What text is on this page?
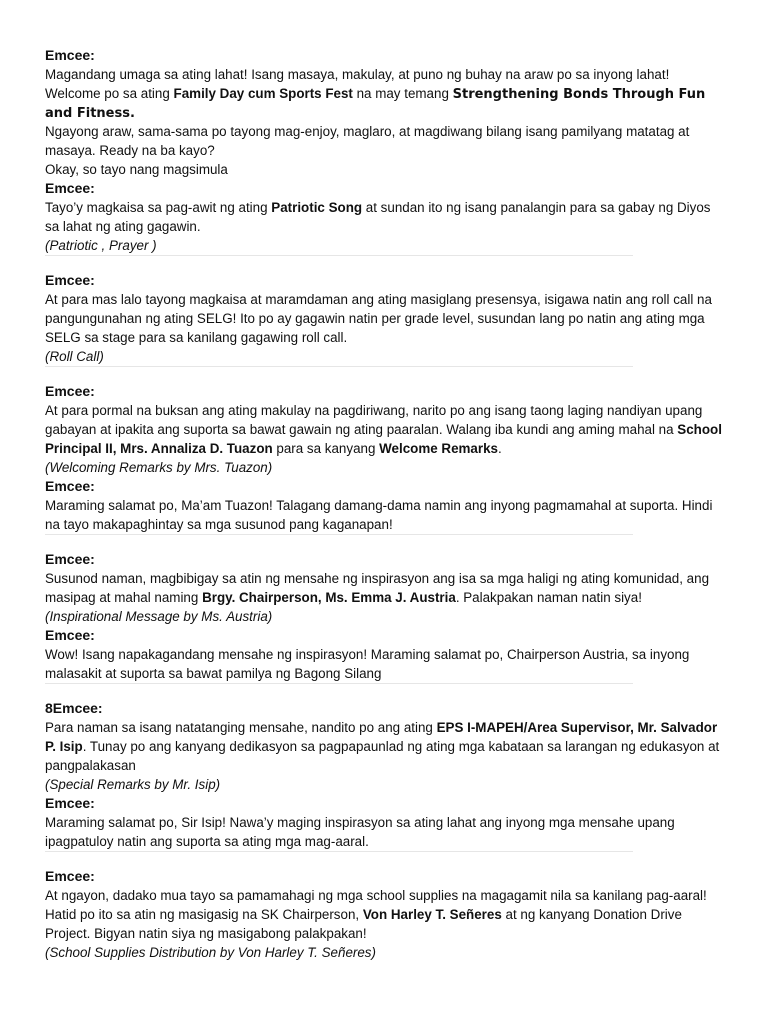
Emcee:

Magandang umaga sa ating lahat! Isang masaya, makulay, at puno ng buhay na araw po sa inyong lahat!

Welcome po sa ating Family Day cum Sports Fest na may temang Strengthening Bonds Through Fun and Fitness.

Ngayong araw, sama-sama po tayong mag-enjoy, maglaro, at magdiwang bilang isang pamilyang matatag at masaya. Ready na ba kayo?

Okay, so tayo nang magsimula

Emcee:

Tayo’y magkaisa sa pag-awit ng ating Patriotic Song at sundan ito ng isang panalangin para sa gabay ng Diyos sa lahat ng ating gagawin.

(Patriotic , Prayer )

Emcee:

At para mas lalo tayong magkaisa at maramdaman ang ating masiglang presensya, isigawa natin ang roll call na pangungunahan ng ating SELG! Ito po ay gagawin natin per grade level, susundan lang po natin ang ating mga SELG sa stage para sa kanilang gagawing roll call.

(Roll Call)

Emcee:

At para pormal na buksan ang ating makulay na pagdiriwang, narito po ang isang taong laging nandiyan upang gabayan at ipakita ang suporta sa bawat gawain ng ating paaralan. Walang iba kundi ang aming mahal na School Principal II, Mrs. Annaliza D. Tuazon para sa kanyang Welcome Remarks.

(Welcoming Remarks by Mrs. Tuazon)

Emcee:

Maraming salamat po, Ma’am Tuazon! Talagang damang-dama namin ang inyong pagmamahal at suporta. Hindi na tayo makapaghintay sa mga susunod pang kaganapan!

Emcee:

Susunod naman, magbibigay sa atin ng mensahe ng inspirasyon ang isa sa mga haligi ng ating komunidad, ang masipag at mahal naming Brgy. Chairperson, Ms. Emma J. Austria. Palakpakan naman natin siya!

(Inspirational Message by Ms. Austria)

Emcee:

Wow! Isang napakagandang mensahe ng inspirasyon! Maraming salamat po, Chairperson Austria, sa inyong malasakit at suporta sa bawat pamilya ng Bagong Silang

8Emcee:

Para naman sa isang natatanging mensahe, nandito po ang ating EPS I-MAPEH/Area Supervisor, Mr. Salvador P. Isip. Tunay po ang kanyang dedikasyon sa pagpapaunlad ng ating mga kabataan sa larangan ng edukasyon at pangpalakasan

(Special Remarks by Mr. Isip)

Emcee:

Maraming salamat po, Sir Isip! Nawa’y maging inspirasyon sa ating lahat ang inyong mga mensahe upang ipagpatuloy natin ang suporta sa ating mga mag-aaral.

Emcee:

At ngayon, dadako mua tayo sa pamamahagi ng mga school supplies na magagamit nila sa kanilang pag-aaral! Hatid po ito sa atin ng masigasig na SK Chairperson, Von Harley T. Señeres at ng kanyang Donation Drive Project. Bigyan natin siya ng masigabong palakpakan!

(School Supplies Distribution by Von Harley T. Señeres)
